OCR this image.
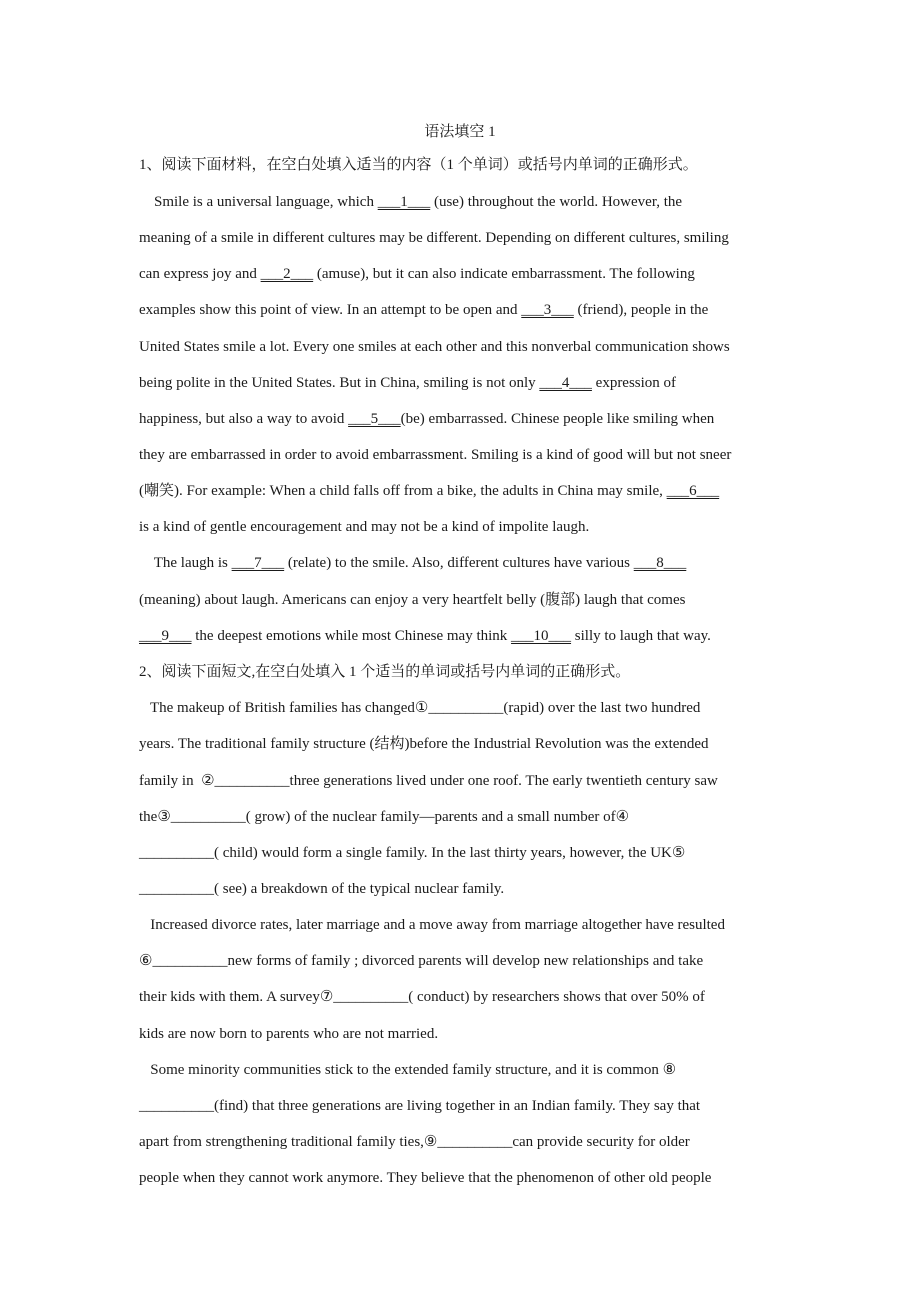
语法填空 1
1、阅读下面材料，在空白处填入适当的内容（1 个单词）或括号内单词的正确形式。
Smile is a universal language, which ___1___ (use) throughout the world. However, the
meaning of a smile in different cultures may be different. Depending on different cultures, smiling
can express joy and ___2___ (amuse), but it can also indicate embarrassment. The following
examples show this point of view. In an attempt to be open and ___3___ (friend), people in the
United States smile a lot. Every one smiles at each other and this nonverbal communication shows
being polite in the United States. But in China, smiling is not only ___4___ expression of
happiness, but also a way to avoid ___5___(be) embarrassed. Chinese people like smiling when
they are embarrassed in order to avoid embarrassment. Smiling is a kind of good will but not sneer
(嘲笑). For example: When a child falls off from a bike, the adults in China may smile, ___6___
is a kind of gentle encouragement and may not be a kind of impolite laugh.
The laugh is ___7___ (relate) to the smile. Also, different cultures have various ___8___
(meaning) about laugh. Americans can enjoy a very heartfelt belly (腹部) laugh that comes
___9___ the deepest emotions while most Chinese may think ___10___ silly to laugh that way.
2、阅读下面短文,在空白处填入 1 个适当的单词或括号内单词的正确形式。
The makeup of British families has changed①__________(rapid) over the last two hundred
years. The traditional family structure (结构)before the Industrial Revolution was the extended
family in  ②__________three generations lived under one roof. The early twentieth century saw
the③__________( grow) of the nuclear family—parents and a small number of④
__________( child) would form a single family. In the last thirty years, however, the UK⑤
__________( see) a breakdown of the typical nuclear family.
Increased divorce rates, later marriage and a move away from marriage altogether have resulted
⑥__________new forms of family ; divorced parents will develop new relationships and take
their kids with them. A survey⑦__________( conduct) by researchers shows that over 50% of
kids are now born to parents who are not married.
Some minority communities stick to the extended family structure, and it is common ⑧
__________(find) that three generations are living together in an Indian family. They say that
apart from strengthening traditional family ties,⑨__________can provide security for older
people when they cannot work anymore. They believe that the phenomenon of other old people
